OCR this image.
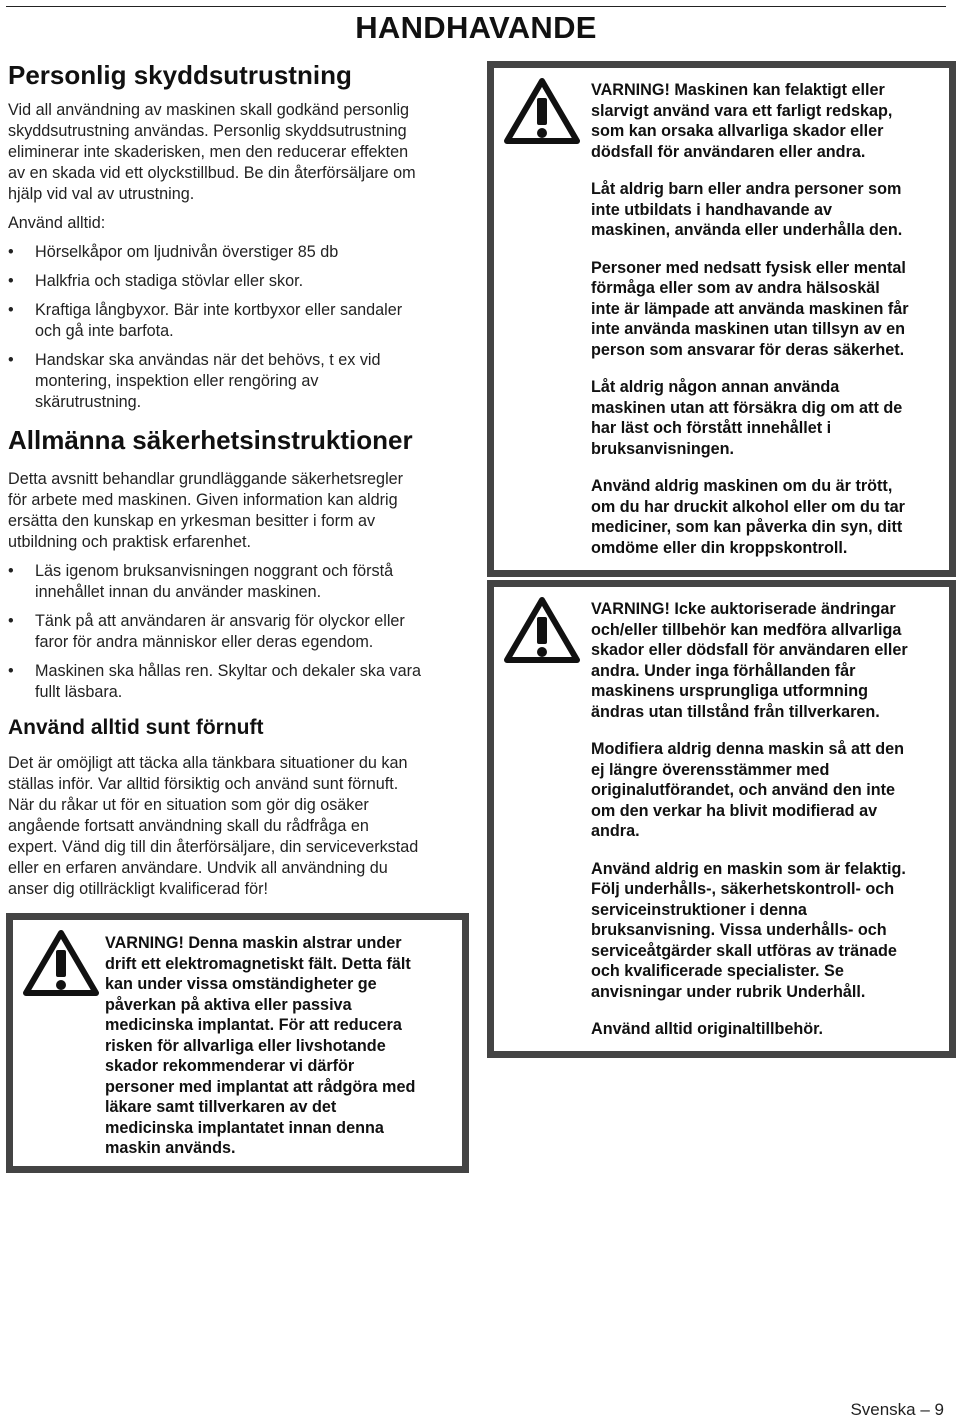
HANDHAVANDE
Personlig skyddsutrustning

Vid all användning av maskinen skall godkänd personlig
skyddsutrustning användas. Personlig skyddsutrustning
eliminerar inte skaderisken, men den reducerar effekten
av en skada vid ett olyckstillbud. Be din återförsäljare om
hjälp vid val av utrustning.

Använd alltid:

• Hörselkåpor om ljudnivån överstiger 85 db
• Halkfria och stadiga stövlar eller skor.
• Kraftiga långbyxor. Bär inte kortbyxor eller sandaler
och gå inte barfota.
• Handskar ska användas när det behövs, t ex vid
montering, inspektion eller rengöring av
skärutrustning.
Allmänna säkerhetsinstruktioner

Detta avsnitt behandlar grundläggande säkerhetsregler
för arbete med maskinen. Given information kan aldrig
ersätta den kunskap en yrkesman besitter i form av
utbildning och praktisk erfarenhet.

• Läs igenom bruksanvisningen noggrant och förstå
innehållet innan du använder maskinen.
• Tänk på att användaren är ansvarig för olyckor eller
faror för andra människor eller deras egendom.
• Maskinen ska hållas ren. Skyltar och dekaler ska vara
fullt läsbara.
Använd alltid sunt förnuft

Det är omöjligt att täcka alla tänkbara situationer du kan
ställas inför. Var alltid försiktig och använd sunt förnuft.
När du råkar ut för en situation som gör dig osäker
angående fortsatt användning skall du rådfråga en
expert. Vänd dig till din återförsäljare, din serviceverkstad
eller en erfaren användare. Undvik all användning du
anser dig otillräckligt kvalificerad för!

VARNING! Denna maskin alstrar under
drift ett elektromagnetiskt fält. Detta fält
kan under vissa omständigheter ge
påverkan på aktiva eller passiva
medicinska implantat. För att reducera
risken för allvarliga eller livshotande
skador rekommenderar vi därför
personer med implantat att rådgöra med
läkare samt tillverkaren av det
medicinska implantatet innan denna
maskin används.

VARNING! Maskinen kan felaktigt eller
slarvigt använd vara ett farligt redskap,
som kan orsaka allvarliga skador eller
dödsfall för användaren eller andra.

Låt aldrig barn eller andra personer som
inte utbildats i handhavande av
maskinen, använda eller underhålla den.

Personer med nedsatt fysisk eller mental
förmåga eller som av andra hälsoskäl
inte är lämpade att använda maskinen får
inte använda maskinen utan tillsyn av en
person som ansvarar för deras säkerhet.

Låt aldrig någon annan använda
maskinen utan att försäkra dig om att de
har läst och förstått innehållet i
bruksanvisningen.

Använd aldrig maskinen om du är trött,
om du har druckit alkohol eller om du tar
mediciner, som kan påverka din syn, ditt
omdöme eller din kroppskontroll.

VARNING! Icke auktoriserade ändringar
och/eller tillbehör kan medföra allvarliga
skador eller dödsfall för användaren eller
andra. Under inga förhållanden får
maskinens ursprungliga utformning
ändras utan tillstånd från tillverkaren.

Modifiera aldrig denna maskin så att den
ej längre överensstämmer med
originalutförandet, och använd den inte
om den verkar ha blivit modifierad av
andra.

Använd aldrig en maskin som är felaktig.
Följ underhålls-, säkerhetskontroll- och
serviceinstruktioner i denna
bruksanvisning. Vissa underhålls- och
serviceåtgärder skall utföras av tränade
och kvalificerade specialister. Se
anvisningar under rubrik Underhåll.

Använd alltid originaltillbehör.

Svenska – 9
